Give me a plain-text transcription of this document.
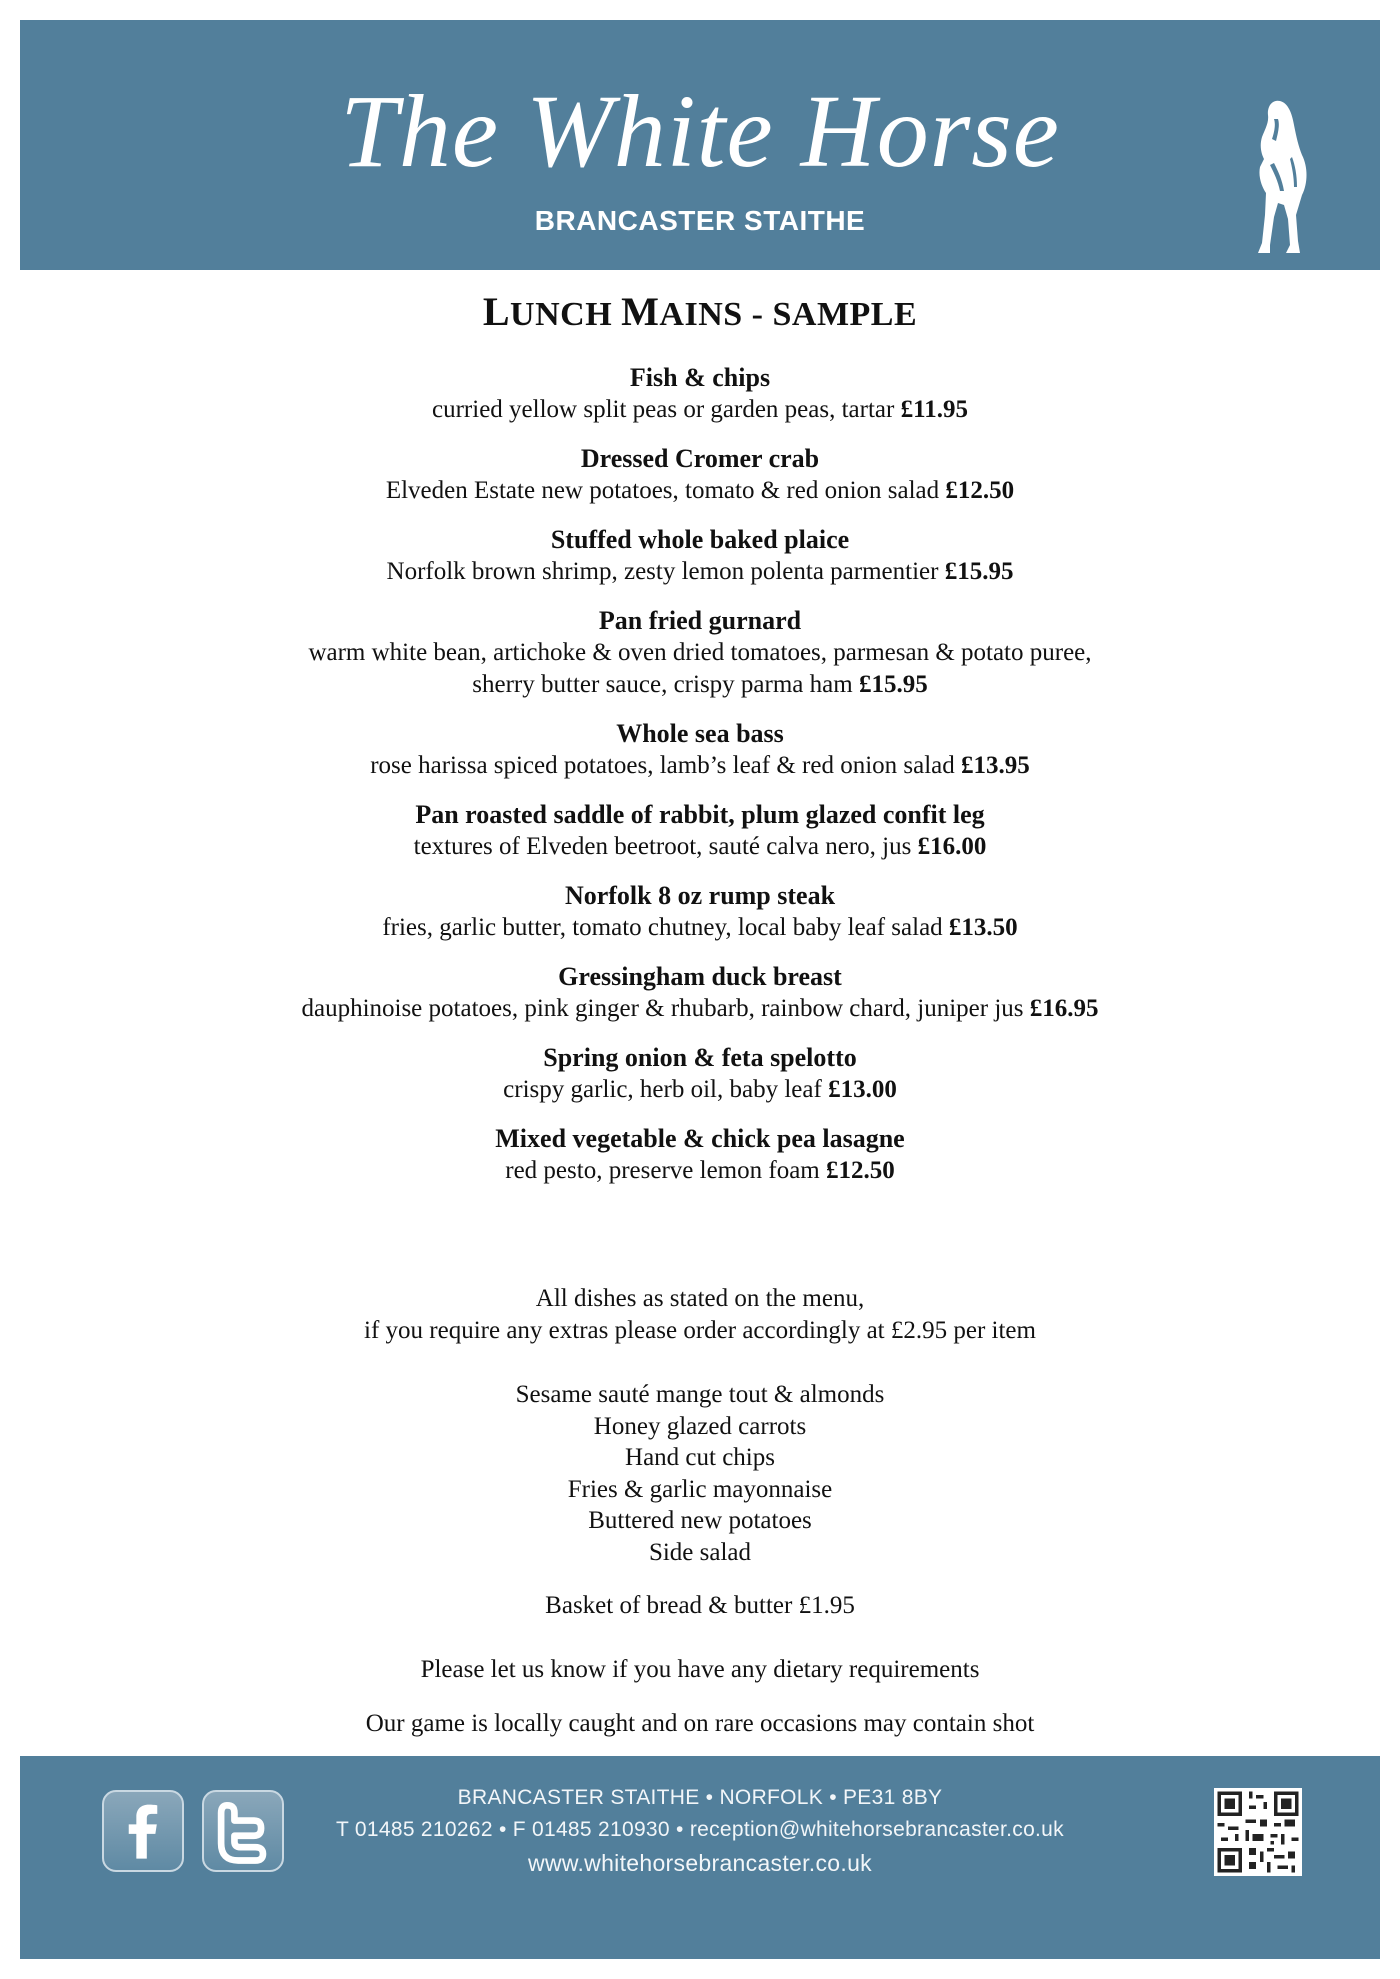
The White Horse
BRANCASTER STAITHE
LUNCH MAINS - SAMPLE
Fish & chips
curried yellow split peas or garden peas, tartar £11.95
Dressed Cromer crab
Elveden Estate new potatoes, tomato & red onion salad £12.50
Stuffed whole baked plaice
Norfolk brown shrimp, zesty lemon polenta parmentier £15.95
Pan fried gurnard
warm white bean, artichoke & oven dried tomatoes, parmesan & potato puree,
sherry butter sauce, crispy parma ham £15.95
Whole sea bass
rose harissa spiced potatoes, lamb’s leaf & red onion salad £13.95
Pan roasted saddle of rabbit, plum glazed confit leg
textures of Elveden beetroot, sauté calva nero, jus £16.00
Norfolk 8 oz rump steak
fries, garlic butter, tomato chutney, local baby leaf salad £13.50
Gressingham duck breast
dauphinoise potatoes, pink ginger & rhubarb, rainbow chard, juniper jus £16.95
Spring onion & feta spelotto
crispy garlic, herb oil, baby leaf £13.00
Mixed vegetable & chick pea lasagne
red pesto, preserve lemon foam £12.50
All dishes as stated on the menu,
if you require any extras please order accordingly at £2.95 per item
Sesame sauté mange tout & almonds
Honey glazed carrots
Hand cut chips
Fries & garlic mayonnaise
Buttered new potatoes
Side salad
Basket of bread & butter £1.95
Please let us know if you have any dietary requirements
Our game is locally caught and on rare occasions may contain shot
BRANCASTER STAITHE • NORFOLK • PE31 8BY
T 01485 210262 • F 01485 210930 • reception@whitehorsebrancaster.co.uk
www.whitehorsebrancaster.co.uk
